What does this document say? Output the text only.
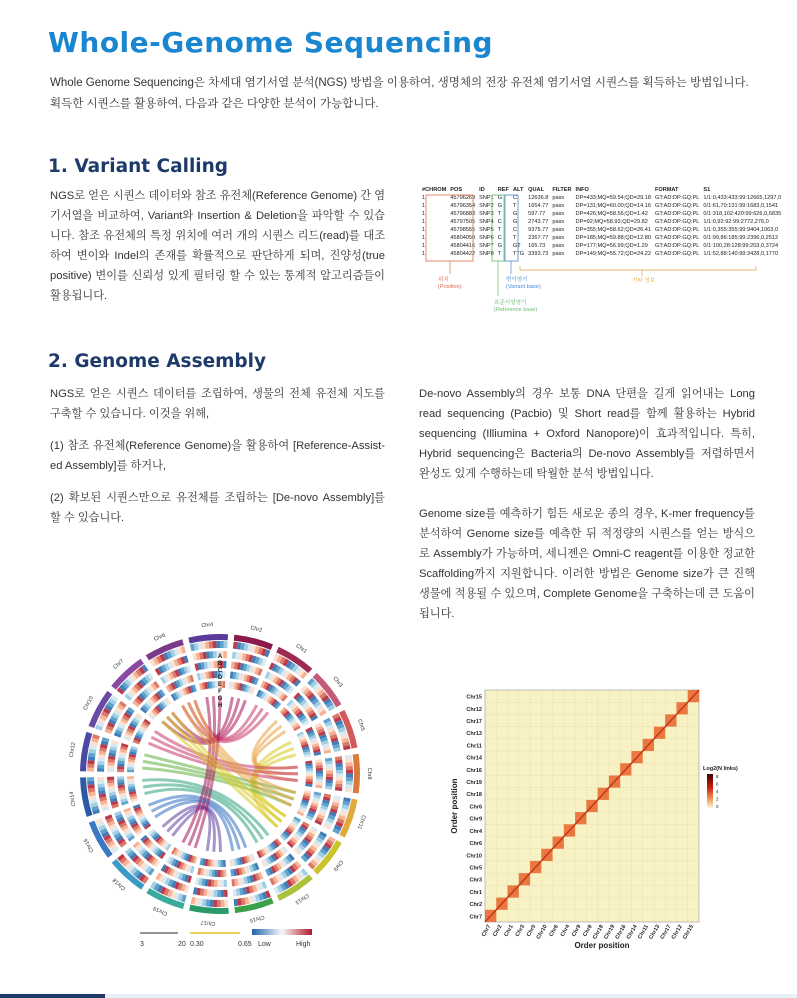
Whole-Genome Sequencing
Whole Genome Sequencing은 차세대 염기서열 분석(NGS) 방법을 이용하여, 생명체의 전장 유전체 염기서열 시퀀스를 획득하는 방법입니다.
획득한 시퀀스를 활용하여, 다음과 같은 다양한 분석이 가능합니다.
1. Variant Calling
NGS로 얻은 시퀀스 데이터와 참조 유전체(Reference Genome) 간 염기서열을 비교하여, Variant와 Insertion & Deletion을 파악할 수 있습니다. 참조 유전체의 특정 위치에 여러 개의 시퀀스 리드(read)를 대조하여 변이와 Indel의 존재를 확률적으로 판단하게 되며, 진양성(true positive) 변이를 신뢰성 있게 필터링 할 수 있는 통계적 알고리즘들이 활용됩니다.
#CHROM	POS	ID	REF	ALT	QUAL	FILTER	INFO	FORMAT	S1
1	45796269	SNP1	G	C	12636.8	pass	DP=433;MQ=59.54;QD=29.18	GT:AD:DP:GQ:PL	1/1:0,433:433:99:12665,1297,0
1	45796354	SNP2	G	T	1654.77	pass	DP=131;MQ=60.00;QD=14.16	GT:AD:DP:GQ:PL	0/1:61,70:131:99:1683,0,1541
1	45796883	SNP3	T	G	597.77	pass	DP=426;MQ=58.56;QD=1.42	GT:AD:DP:GQ:PL	0/1:318,102:420:99:626,0,6835
1	45797505	SNP4	C	G	2743.77	pass	DP=92;MQ=58.93;QD=29.82	GT:AD:DP:GQ:PL	1/1:0,92:92:99:2772,276,0
1	45798555	SNP5	T	C	9375.77	pass	DP=355;MQ=58.62;QD=26.41	GT:AD:DP:GQ:PL	1/1:0,355:355:99:9404,1063,0
1	45804050	SNP6	C	T	2367.77	pass	DP=185;MQ=59.88;QD=12.80	GT:AD:DP:GQ:PL	0/1:99,86:185:99:2396,0,2512
1	45804416	SNP7	G	GT	165.73	pass	DP=177;MQ=56.99;QD=1.29	GT:AD:DP:GQ:PL	0/1:100,28:128:99:203,0,3724
1	45804422	SNP8	T	TTG	3393.73	pass	DP=149;MQ=55.72;QD=24.22	GT:AD:DP:GQ:PL	1/1:52,88:140:99:3428,0,1770
위치
(Position)
변이염기
(Variant base)
표준서열염기
(Reference base)
기타 정보
2. Genome Assembly

NGS로 얻은 시퀀스 데이터를 조립하여, 생물의 전체 유전체 지도를 구축할 수 있습니다. 이것을 위해,

(1) 참조 유전체(Reference Genome)을 활용하여 [Reference-Assist-ed Assembly]를 하거나,

(2) 확보된 시퀀스만으로 유전체를 조립하는 [De-novo Assembly]를 할 수 있습니다.

De-novo Assembly의 경우 보통 DNA 단편을 길게 읽어내는 Long read sequencing (Pacbio) 및 Short read를 함께 활용하는 Hybrid sequencing (Illiumina + Oxford Nanopore)이 효과적입니다. 특히, Hybrid sequencing은 Bacteria의 De-novo Assembly를 저렴하면서 완성도 있게 수행하는데 탁월한 분석 방법입니다.

Genome size를 예측하기 힘든 새로운 종의 경우, K-mer frequency를 분석하여 Genome size를 예측한 뒤 적정량의 시퀀스를 얻는 방식으로 Assembly가 가능하며, 세니젠은 Omni-C reagent를 이용한 정교한 Scaffolding까지 지원합니다. 이러한 방법은 Genome size가 큰 진핵생물에 적용될 수 있으며, Complete Genome을 구축하는데 큰 도움이 됩니다.

Chr2
Chr1
Chr3
Chr5
Chr8
Chr11
Chr9
Chr13
Chr15
Chr17
Chr19
Chr18
Chr16
Chr14
Chr12
Chr10
Chr7
Chr6
Chr4
A
B
C
D
E
F
G
H
3	20 0.30	0.65 Low	High
Chr15
Chr12
Chr17
Chr13
Chr11
Chr14
Chr16
Chr19
Chr18
Chr6
Chr9
Chr4
Chr6
Chr10
Chr5
Chr3
Chr1
Chr2
Chr7
Chr7 Chr2 Chr1 Chr3 Chr5
Chr10 Chr6 Chr4 Chr9 Chr8
Chr18
Chr19
Chr16
Chr14
Chr11
Chr13
Chr17
Chr12
Chr15
Order position
Order position
Log2(N links)
8
6
4
2
0
